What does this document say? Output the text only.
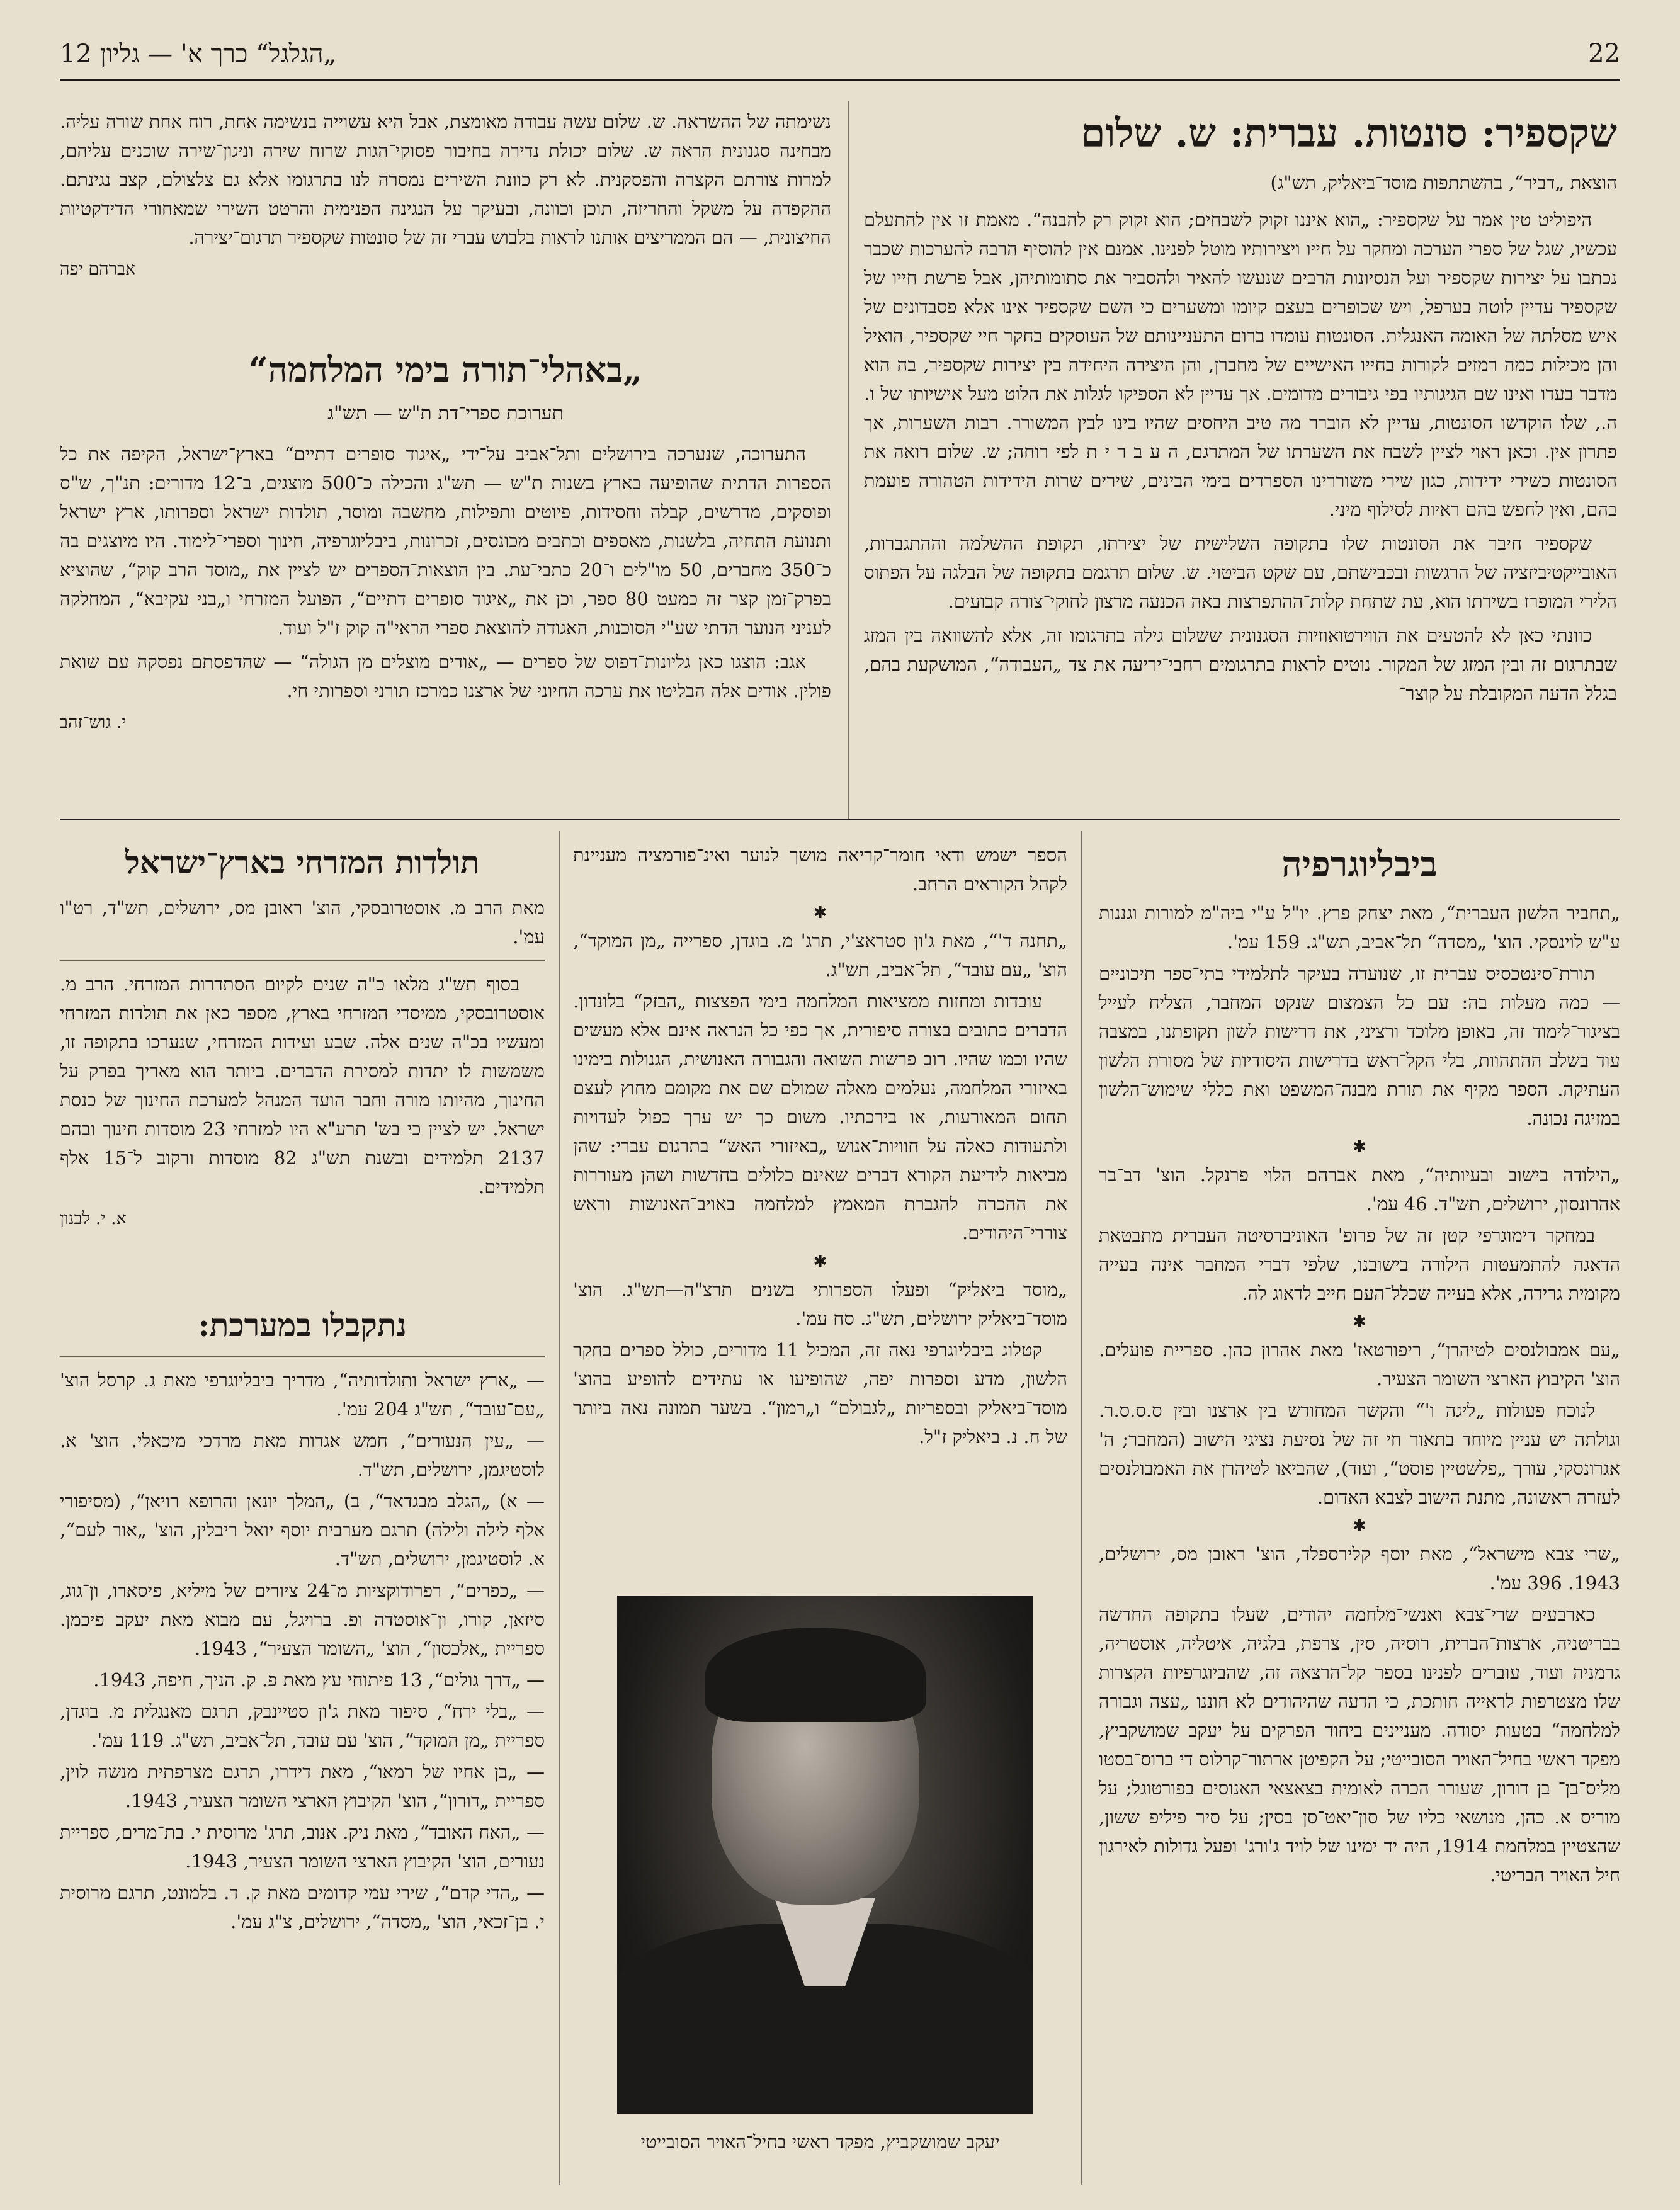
„הגלגל“ כרך א' — גליון 12	22
שקספיר: סונטות. עברית: ש. שלום
הוצאת „דביר“, בהשתתפות מוסד־ביאליק, תש"ג)

היפוליט טין אמר על שקספיר: „הוא איננו זקוק לשבחים; הוא זקוק רק להבנה“. מאמת זו אין להתעלם עכשיו, שגל של ספרי הערכה ומחקר על חייו ויצירותיו מוטל לפנינו. אמנם אין להוסיף הרבה להערכות שכבר נכתבו על יצירות שקספיר ועל הנסיונות הרבים שנעשו להאיר ולהסביר את סתומותיהן, אבל פרשת חייו של שקספיר עדיין לוטה בערפל, ויש שכופרים בעצם קיומו ומשערים כי השם שקספיר אינו אלא פסבדונים של איש מסלתה של האומה האנגלית. הסונטות עומדו ברום התעניינותם של העוסקים בחקר חיי שקספיר, הואיל והן מכילות כמה רמזים לקורות בחייו האישיים של מחברן, והן היצירה היחידה בין יצירות שקספיר, בה הוא מדבר בעדו ואינו שם הגיגותיו בפי גיבורים מדומים. אך עדיין לא הספיקו לגלות את הלוט מעל אישיותו של ו. ה., שלו הוקדשו הסונטות, עדיין לא הוברר מה טיב היחסים שהיו בינו לבין המשורר. רבות השערות, אך פתרון אין. וכאן ראוי לציין לשבח את השערתו של המתרגם, ה ע ב ר י ת לפי רוחה; ש. שלום רואה את הסונטות כשירי ידידות, כגון שירי משוררינו הספרדים בימי הבינים, שירים שרות הידידות הטהורה פועמת בהם, ואין לחפש בהם ראיות לסילוף מיני.

שקספיר חיבר את הסונטות שלו בתקופה השלישית של יצירתו, תקופת ההשלמה וההתגברות, האובייקטיביזציה של הרגשות ובכבישתם, עם שקט הביטוי. ש. שלום תרגמם בתקופה של הבלגה על הפתוס הלירי המופרז בשירתו הוא, עת שתחת קלות־ההתפרצות באה הכנעה מרצון לחוקי־צורה קבועים.

כוונתי כאן לא להטעים את הווירטואוזיות הסגנונית ששלום גילה בתרגומו זה, אלא להשוואה בין המזג שבתרגום זה ובין המזג של המקור. נוטים לראות בתרגומים רחבי־יריעה את צד „העבודה“, המושקעת בהם, בגלל הדעה המקובלת על קוצר־

נשימתה של ההשראה. ש. שלום עשה עבודה מאומצת, אבל היא עשוייה בנשימה אחת, רוח אחת שורה עליה. מבחינה סגנונית הראה ש. שלום יכולת נדירה בחיבור פסוקי־הגות שרוח שירה וניגון־שירה שוכנים עליהם, למרות צורתם הקצרה והפסקנית. לא רק כוונת השירים נמסרה לנו בתרגומו אלא גם צלצולם, קצב נגינתם. ההקפדה על משקל והחריזה, תוכן וכוונה, ובעיקר על הנגינה הפנימית והרטט השירי שמאחורי הדידקטיות החיצונית, — הם הממריצים אותנו לראות בלבוש עברי זה של סונטות שקספיר תרגום־יצירה.

אברהם יפה
„באהלי־תורה בימי המלחמה“
תערוכת ספרי־דת ת"ש — תש"ג

התערוכה, שנערכה בירושלים ותל־אביב על־ידי „איגוד סופרים דתיים“ בארץ־ישראל, הקיפה את כל הספרות הדתית שהופיעה בארץ בשנות ת"ש — תש"ג והכילה כ־500 מוצגים, ב־12 מדורים: תנ"ך, ש"ס ופוסקים, מדרשים, קבלה וחסידות, פיוטים ותפילות, מחשבה ומוסר, תולדות ישראל וספרותו, ארץ ישראל ותנועת התחיה, בלשנות, מאספים וכתבים מכונסים, זכרונות, ביבליוגרפיה, חינוך וספרי־לימוד. היו מיוצגים בה כ־350 מחברים, 50 מו"לים ו־20 כתבי־עת. בין הוצאות־הספרים יש לציין את „מוסד הרב קוק“, שהוציא בפרק־זמן קצר זה כמעט 80 ספר, וכן את „איגוד סופרים דתיים“, הפועל המזרחי ו„בני עקיבא“, המחלקה לעניני הנוער הדתי שע"י הסוכנות, האגודה להוצאת ספרי הראי"ה קוק ז"ל ועוד.

אגב: הוצגו כאן גליונות־דפוס של ספרים — „אודים מוצלים מן הגולה“ — שהדפסתם נפסקה עם שואת פולין. אודים אלה הבליטו את ערכה החיוני של ארצנו כמרכז תורני וספרותי חי.

י. גוש־זהב
ביבליוגרפיה

„תחביר הלשון העברית“, מאת יצחק פרץ. יו"ל ע"י ביה"מ למורות וגננות ע"ש לוינסקי. הוצ' „מסדה“ תל־אביב, תש"ג. 159 עמ'.

תורת־סינטכסיס עברית זו, שנועדה בעיקר לתלמידי בתי־ספר תיכוניים — כמה מעלות בה: עם כל הצמצום שנקט המחבר, הצליח לעייל בציגור־לימוד זה, באופן מלוכד ורציני, את דרישות לשון תקופתנו, במצבה עוד בשלב ההתהוות, בלי הקל־ראש בדרישות היסודיות של מסורת הלשון העתיקה. הספר מקיף את תורת מבנה־המשפט ואת כללי שימוש־הלשון במזיגה נכונה.

✱

„הילודה בישוב ובעיותיה“, מאת אברהם הלוי פרנקל. הוצ' דב־בר אהרונסון, ירושלים, תש"ד. 46 עמ'.

במחקר דימוגרפי קטן זה של פרופ' האוניברסיטה העברית מתבטאת הדאגה להתמעטות הילודה בישובנו, שלפי דברי המחבר אינה בעייה מקומית גרידה, אלא בעייה שכלל־העם חייב לדאוג לה.

✱

„עם אמבולנסים לטיהרן“, ריפורטאז' מאת אהרון כהן. ספריית פועלים. הוצ' הקיבוץ הארצי השומר הצעיר.

לנוכח פעולות „ליגה ו'“ והקשר המחודש בין ארצנו ובין ס.ס.ס.ר. וגולתה יש עניין מיוחד בתאור חי זה של נסיעת נציגי הישוב (המחבר; ה' אגרונסקי, עורך „פלשטיין פוסט“, ועוד), שהביאו לטיהרן את האמבולנסים לעזרה ראשונה, מתנת הישוב לצבא האדום.

✱

„שרי צבא מישראל“, מאת יוסף קלירספלד, הוצ' ראובן מס, ירושלים, 1943. 396 עמ'.

כארבעים שרי־צבא ואנשי־מלחמה יהודים, שעלו בתקופה החדשה בבריטניה, ארצות־הברית, רוסיה, סין, צרפת, בלגיה, איטליה, אוסטריה, גרמניה ועוד, עוברים לפנינו בספר קל־הרצאה זה, שהביוגרפיות הקצרות שלו מצטרפות לראייה חותכת, כי הדעה שהיהודים לא חוננו „עצה וגבורה למלחמה“ בטעות יסודה. מעניינים ביחוד הפרקים על יעקב שמושקביץ, מפקד ראשי בחיל־האויר הסובייטי; על הקפיטן ארתור־קרלוס די ברוס־בסטו מליס־בן־ בן דורון, שעורר הכרה לאומית בצאצאי האנוסים בפורטוגל; על מוריס א. כהן, מנושאי כליו של סון־יאט־סן בסין; על סיר פיליפ ששון, שהצטיין במלחמת 1914, היה יד ימינו של לויד ג'ורג' ופעל גדולות לאירגון חיל האויר הבריטי.

הספר ישמש ודאי חומר־קריאה מושך לנוער ואינ־פורמציה מעניינת לקהל הקוראים הרחב.

✱

„תחנה ד'“, מאת ג'ון סטראצ'י, תרג' מ. בוגדן, ספרייה „מן המוקד“, הוצ' „עם עובד“, תל־אביב, תש"ג.

עובדות ומחזות ממציאות המלחמה בימי הפצצות „הבזק“ בלונדון. הדברים כתובים בצורה סיפורית, אך כפי כל הנראה אינם אלא מעשים שהיו וכמו שהיו. רוב פרשות השואה והגבורה האנושית, הגנולות בימינו באיזורי המלחמה, נעלמים מאלה שמולם שם את מקומם מחוץ לעצם תחום המאורעות, או בירכתיו. משום כך יש ערך כפול לעדויות ולתעודות כאלה על חוויות־אנוש „באיזורי האש“ בתרגום עברי: שהן מביאות לידיעת הקורא דברים שאינם כלולים בחדשות ושהן מעוררות את ההכרה להגברת המאמץ למלחמה באויב־האנושות וראש צוררי־היהודים.

✱

„מוסד ביאליק“ ופעלו הספרותי בשנים תרצ"ה—תש"ג. הוצ' מוסד־ביאליק ירושלים, תש"ג. סח עמ'.

קטלוג ביבליוגרפי נאה זה, המכיל 11 מדורים, כולל ספרים בחקר הלשון, מדע וספרות יפה, שהופיעו או עתידים להופיע בהוצ' מוסד־ביאליק ובספריות „לגבולם“ ו„רמון“. בשער תמונה נאה ביותר של ח. נ. ביאליק ז"ל.

יעקב שמושקביץ, מפקד ראשי בחיל־האויר הסובייטי
תולדות המזרחי בארץ־ישראל

מאת הרב מ. אוסטרובסקי, הוצ' ראובן מס, ירושלים, תש"ד, רט"ו עמ'.

בסוף תש"ג מלאו כ"ה שנים לקיום הסתדרות המזרחי. הרב מ. אוסטרובסקי, ממיסדי המזרחי בארץ, מספר כאן את תולדות המזרחי ומעשיו בכ"ה שנים אלה. שבע ועידות המזרחי, שנערכו בתקופה זו, משמשות לו יתדות למסירת הדברים. ביותר הוא מאריך בפרק על החינוך, מהיותו מורה וחבר הועד המנהל למערכת החינוך של כנסת ישראל. יש לציין כי בש' תרע"א היו למזרחי 23 מוסדות חינוך ובהם 2137 תלמידים ובשנת תש"ג 82 מוסדות ורקוב ל־15 אלף תלמידים.

א. י. לבנון
נתקבלו במערכת:

— „ארץ ישראל ותולדותיה“, מדריך ביבליוגרפי מאת ג. קרסל הוצ' „עם־עובד“, תש"ג 204 עמ'.

— „עין הנעורים“, חמש אגדות מאת מרדכי מיכאלי. הוצ' א. לוסטיגמן, ירושלים, תש"ד.

— א) „הגלב מבגדאד“, ב) „המלך יונאן והרופא רויאן“, (מסיפורי אלף לילה ולילה) תרגם מערבית יוסף יואל ריבלין, הוצ' „אור לעם“, א. לוסטיגמן, ירושלים, תש"ד.

— „כפרים“, רפרודוקציות מ־24 ציורים של מיליא, פיסארו, ון־גוג, סיזאן, קורו, ון־אוסטדה ופ. ברויגל, עם מבוא מאת יעקב פיכמן. ספריית „אלכסון“, הוצ' „השומר הצעיר“, 1943.

— „דרך גולים“, 13 פיתוחי עץ מאת פ. ק. הניך, חיפה, 1943.

— „בלי ירח“, סיפור מאת ג'ון סטיינבק, תרגם מאנגלית מ. בוגדן, ספריית „מן המוקד“, הוצ' עם עובד, תל־אביב, תש"ג. 119 עמ'.

— „בן אחיו של רמאו“, מאת דידרו, תרגם מצרפתית מנשה לוין, ספריית „דורון“, הוצ' הקיבוץ הארצי השומר הצעיר, 1943.

— „האח האובד“, מאת ניק. אנוב, תרג' מרוסית י. בת־מרים, ספריית נעורים, הוצ' הקיבוץ הארצי השומר הצעיר, 1943.

— „הדי קדם“, שירי עמי קדומים מאת ק. ד. בלמונט, תרגם מרוסית י. בן־זכאי, הוצ' „מסדה“, ירושלים, צ"ג עמ'.
